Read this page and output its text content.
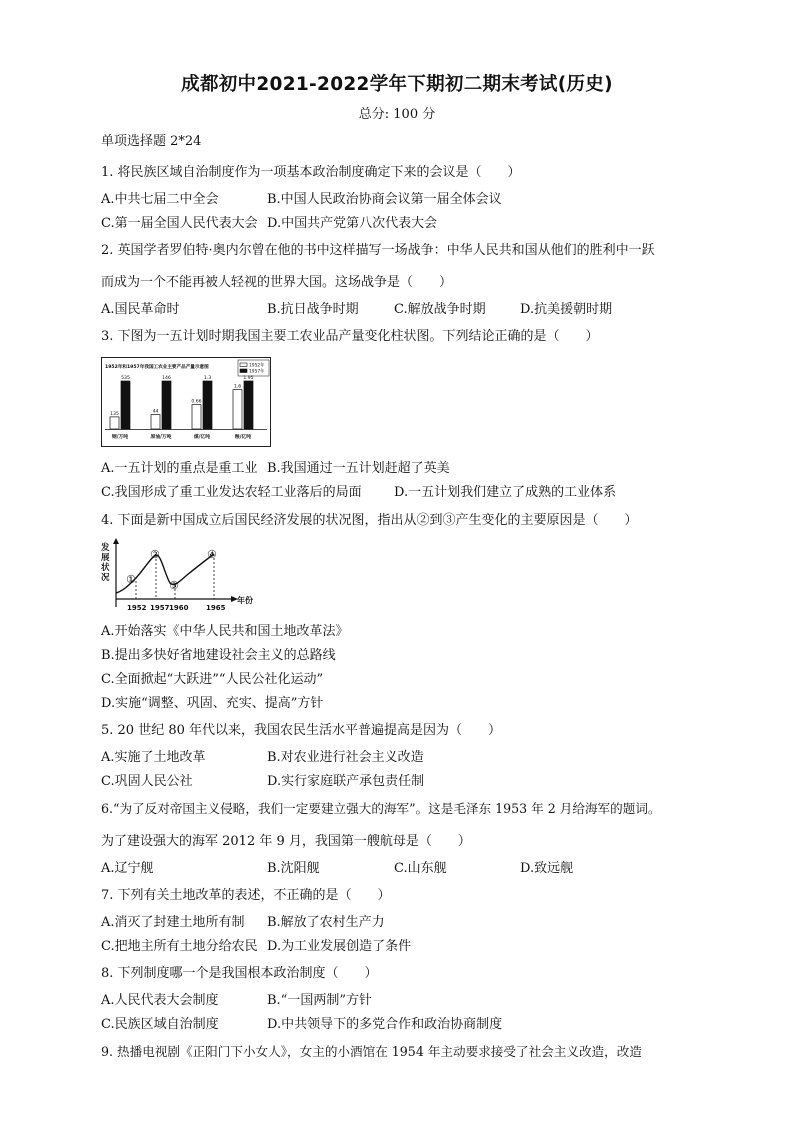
成都初中2021-2022学年下期初二期末考试(历史)
总分: 100 分
单项选择题 2*24
1. 将民族区域自治制度作为一项基本政治制度确定下来的会议是（　　）
A.中共七届二中全会	B.中国人民政治协商会议第一届全体会议
C.第一届全国人民代表大会 D.中国共产党第八次代表大会
2. 英国学者罗伯特·奥内尔曾在他的书中这样描写一场战争：中华人民共和国从他们的胜利中一跃
而成为一个不能再被人轻视的世界大国。这场战争是（　　）
A.国民革命时	B.抗日战争时期	C.解放战争时期	D.抗美援朝时期
3. 下图为一五计划时期我国主要工农业品产量变化柱状图。下列结论正确的是（　　）
1952年和1957年我国工农业主要产品产量示意图	1952年
1957年
135
535
钢/万吨
44
146
原油/万吨
0.66
1.3
煤/亿吨
1.6
1.95
粮/亿吨
A.一五计划的重点是重工业 B.我国通过一五计划赶超了英美
C.我国形成了重工业发达农轻工业落后的局面 D.一五计划我们建立了成熟的工业体系
4. 下面是新中国成立后国民经济发展的状况图，指出从②到③产生变化的主要原因是（　　）
发
展
状
况 ①
②
③
④
1952 1957 1960	1965
年份
A.开始落实《中华人民共和国土地改革法》
B.提出多快好省地建设社会主义的总路线
C.全面掀起“大跃进”“人民公社化运动”
D.实施“调整、巩固、充实、提高”方针
5. 20 世纪 80 年代以来，我国农民生活水平普遍提高是因为（　　）
A.实施了土地改革	B.对农业进行社会主义改造
C.巩固人民公社	D.实行家庭联产承包责任制
6.“为了反对帝国主义侵略，我们一定要建立强大的海军”。这是毛泽东 1953 年 2 月给海军的题词。
为了建设强大的海军 2012 年 9 月，我国第一艘航母是（　　）
A.辽宁舰	B.沈阳舰	C.山东舰	D.致远舰
7. 下列有关土地改革的表述，不正确的是（　　）
A.消灭了封建土地所有制 B.解放了农村生产力
C.把地主所有土地分给农民 D.为工业发展创造了条件
8. 下列制度哪一个是我国根本政治制度（　　）
A.人民代表大会制度	B.“一国两制”方针
C.民族区域自治制度	D.中共领导下的多党合作和政治协商制度
9. 热播电视剧《正阳门下小女人》，女主的小酒馆在 1954 年主动要求接受了社会主义改造，改造
